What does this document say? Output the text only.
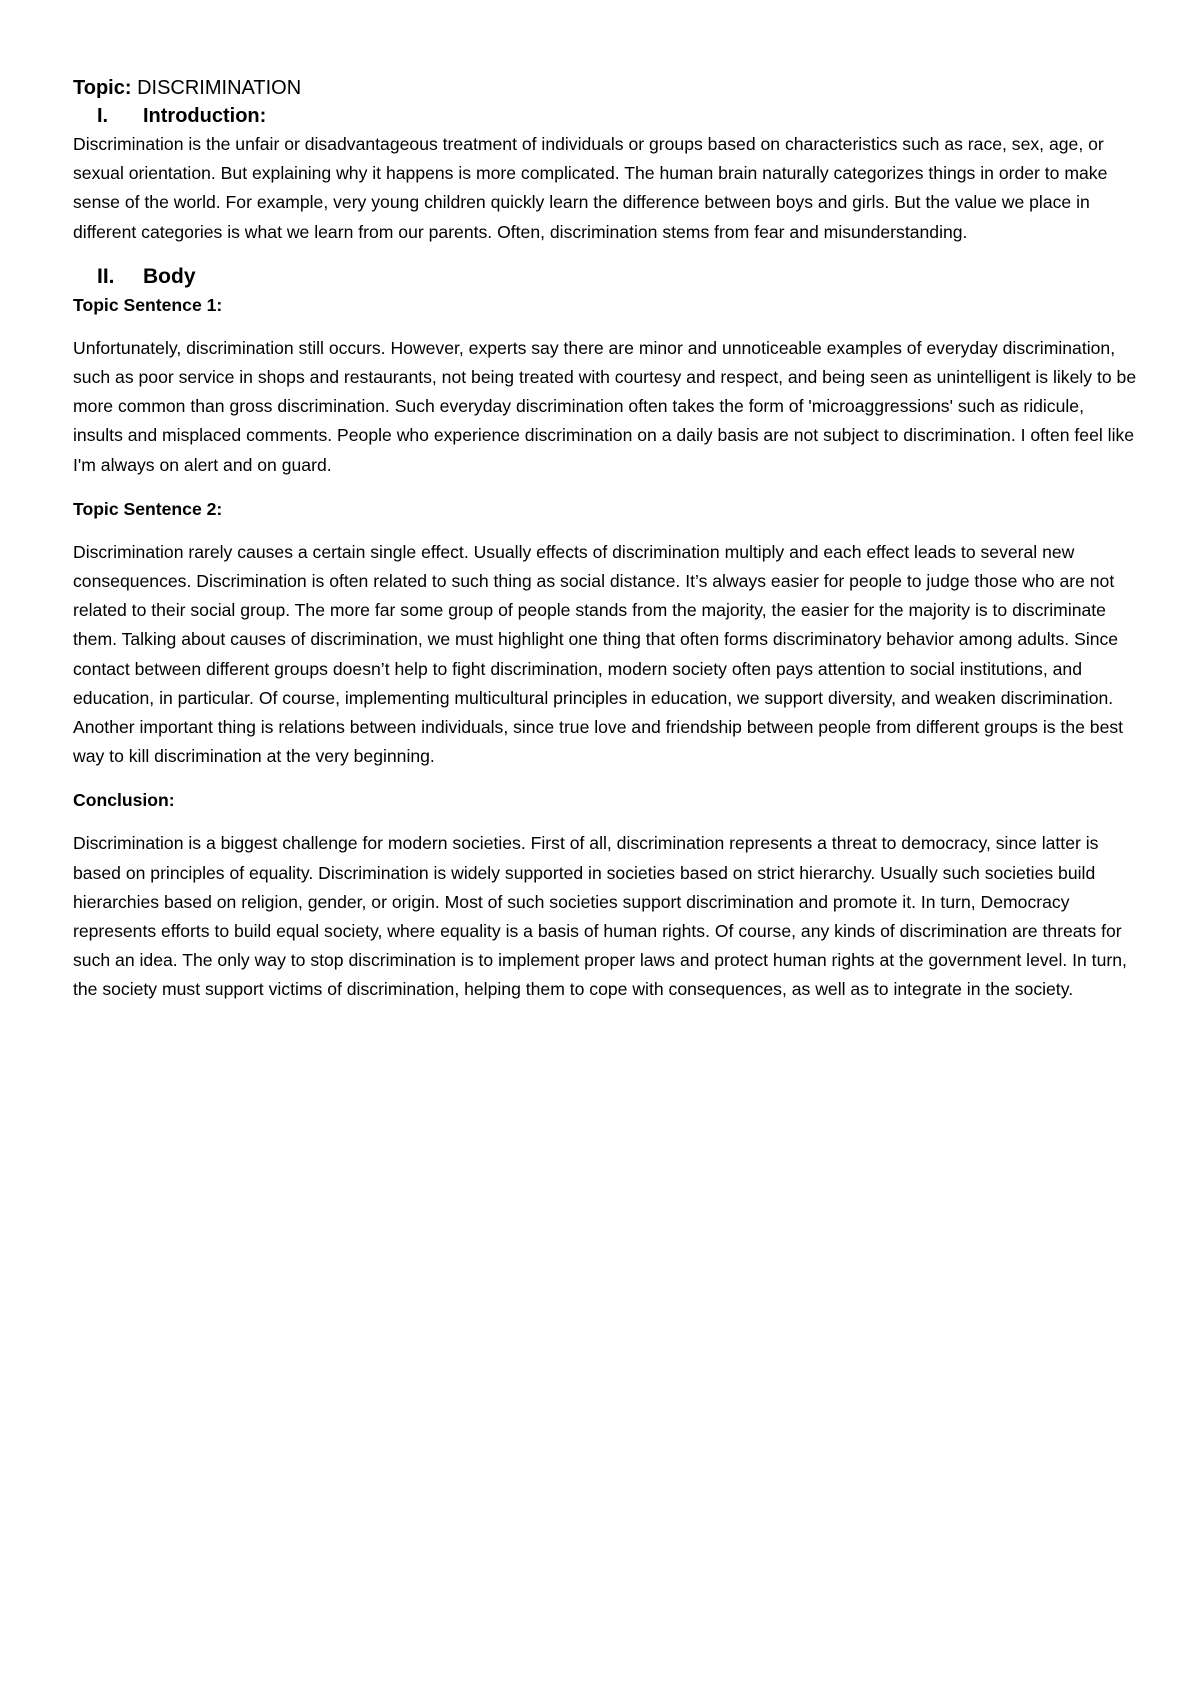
Topic: DISCRIMINATION

I.	Introduction:

Discrimination is the unfair or disadvantageous treatment of individuals or groups based on characteristics such as race, sex, age, or sexual orientation. But explaining why it happens is more complicated. The human brain naturally categorizes things in order to make sense of the world. For example, very young children quickly learn the difference between boys and girls. But the value we place in different categories is what we learn from our parents. Often, discrimination stems from fear and misunderstanding.

II.	Body

Topic Sentence 1:

Unfortunately, discrimination still occurs. However, experts say there are minor and unnoticeable examples of everyday discrimination, such as poor service in shops and restaurants, not being treated with courtesy and respect, and being seen as unintelligent is likely to be more common than gross discrimination. Such everyday discrimination often takes the form of 'microaggressions' such as ridicule, insults and misplaced comments. People who experience discrimination on a daily basis are not subject to discrimination. I often feel like I'm always on alert and on guard.

Topic Sentence 2:

Discrimination rarely causes a certain single effect. Usually effects of discrimination multiply and each effect leads to several new consequences. Discrimination is often related to such thing as social distance. It’s always easier for people to judge those who are not related to their social group. The more far some group of people stands from the majority, the easier for the majority is to discriminate them. Talking about causes of discrimination, we must highlight one thing that often forms discriminatory behavior among adults. Since contact between different groups doesn’t help to fight discrimination, modern society often pays attention to social institutions, and education, in particular. Of course, implementing multicultural principles in education, we support diversity, and weaken discrimination. Another important thing is relations between individuals, since true love and friendship between people from different groups is the best way to kill discrimination at the very beginning.

Conclusion:

Discrimination is a biggest challenge for modern societies. First of all, discrimination represents a threat to democracy, since latter is based on principles of equality. Discrimination is widely supported in societies based on strict hierarchy. Usually such societies build hierarchies based on religion, gender, or origin. Most of such societies support discrimination and promote it. In turn, Democracy represents efforts to build equal society, where equality is a basis of human rights. Of course, any kinds of discrimination are threats for such an idea. The only way to stop discrimination is to implement proper laws and protect human rights at the government level. In turn, the society must support victims of discrimination, helping them to cope with consequences, as well as to integrate in the society.
